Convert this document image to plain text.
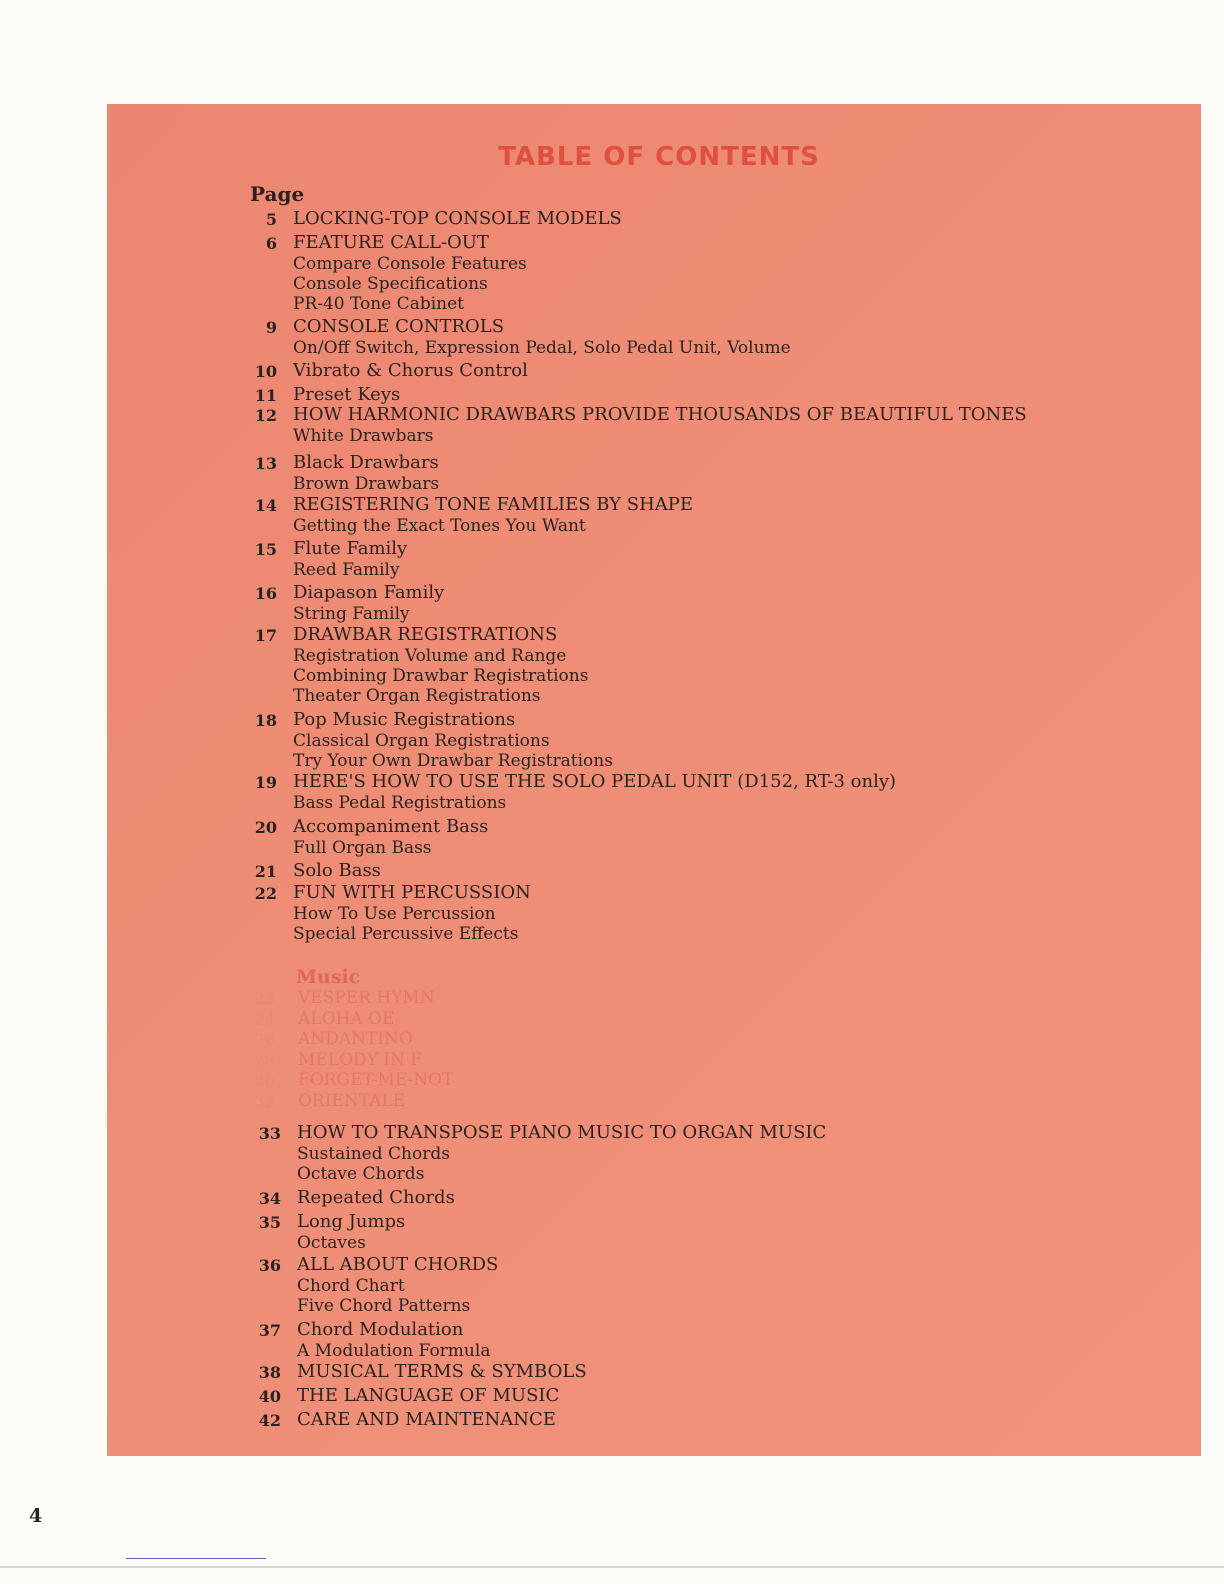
TABLE OF CONTENTS
Page
5 LOCKING-TOP CONSOLE MODELS
6 FEATURE CALL-OUT
Compare Console Features
Console Specifications
PR-40 Tone Cabinet
9 CONSOLE CONTROLS
On/Off Switch, Expression Pedal, Solo Pedal Unit, Volume
10 Vibrato & Chorus Control
11 Preset Keys
12 HOW HARMONIC DRAWBARS PROVIDE THOUSANDS OF BEAUTIFUL TONES
White Drawbars
13 Black Drawbars
Brown Drawbars
14 REGISTERING TONE FAMILIES BY SHAPE
Getting the Exact Tones You Want
15 Flute Family
Reed Family
16 Diapason Family
String Family
17 DRAWBAR REGISTRATIONS
Registration Volume and Range
Combining Drawbar Registrations
Theater Organ Registrations
18 Pop Music Registrations
Classical Organ Registrations
Try Your Own Drawbar Registrations
19 HERE'S HOW TO USE THE SOLO PEDAL UNIT (D152, RT-3 only)
Bass Pedal Registrations
20 Accompaniment Bass
Full Organ Bass
21 Solo Bass
22 FUN WITH PERCUSSION
How To Use Percussion
Special Percussive Effects
Music
23 VESPER HYMN
24 ALOHA OE
26 ANDANTINO
28 MELODY IN F
30 FORGET-ME-NOT
32 ORIENTALE
33 HOW TO TRANSPOSE PIANO MUSIC TO ORGAN MUSIC
Sustained Chords
Octave Chords
34 Repeated Chords
35 Long Jumps
Octaves
36 ALL ABOUT CHORDS
Chord Chart
Five Chord Patterns
37 Chord Modulation
A Modulation Formula
38 MUSICAL TERMS & SYMBOLS
40 THE LANGUAGE OF MUSIC
42 CARE AND MAINTENANCE
4
